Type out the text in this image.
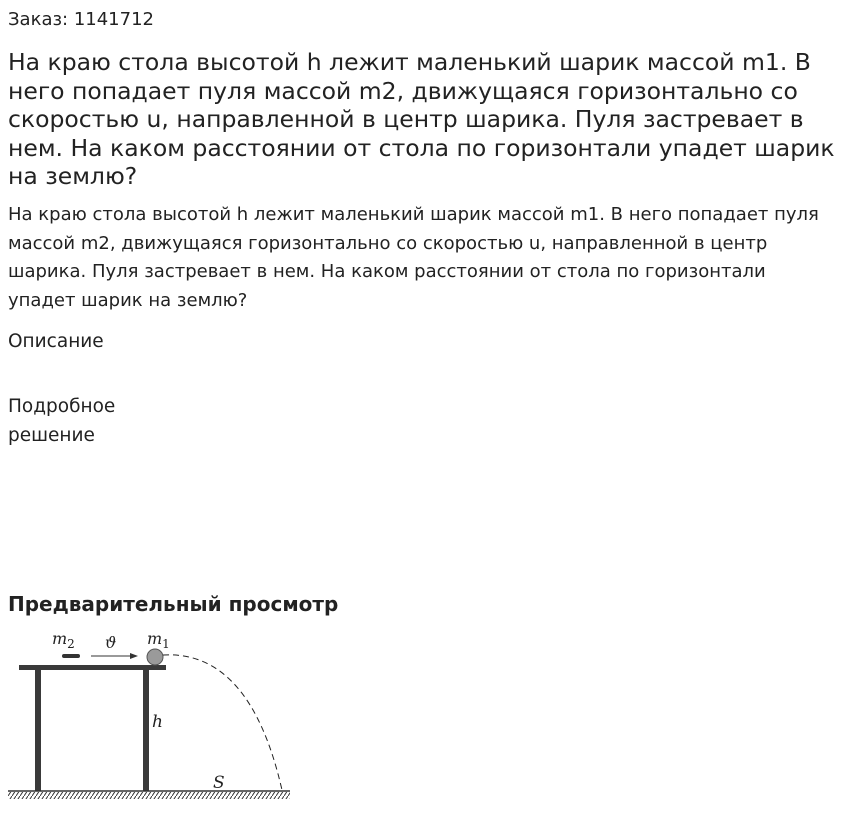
Заказ: 1141712
На краю стола высотой h лежит маленький шарик массой m1. В него попадает пуля массой m2, движущаяся горизонтально со скоростью u, направленной в центр шарика. Пуля застревает в нем. На каком расстоянии от стола по горизонтали упадет шарик на землю?

На краю стола высотой h лежит маленький шарик массой m1. В него попадает пуля массой m2, движущаяся горизонтально со скоростью u, направленной в центр шарика. Пуля застревает в нем. На каком расстоянии от стола по горизонтали упадет шарик на землю?

Описание
Подробное решение
Предварительный просмотр
$m_2$ ϑ $m_1$
h
S
